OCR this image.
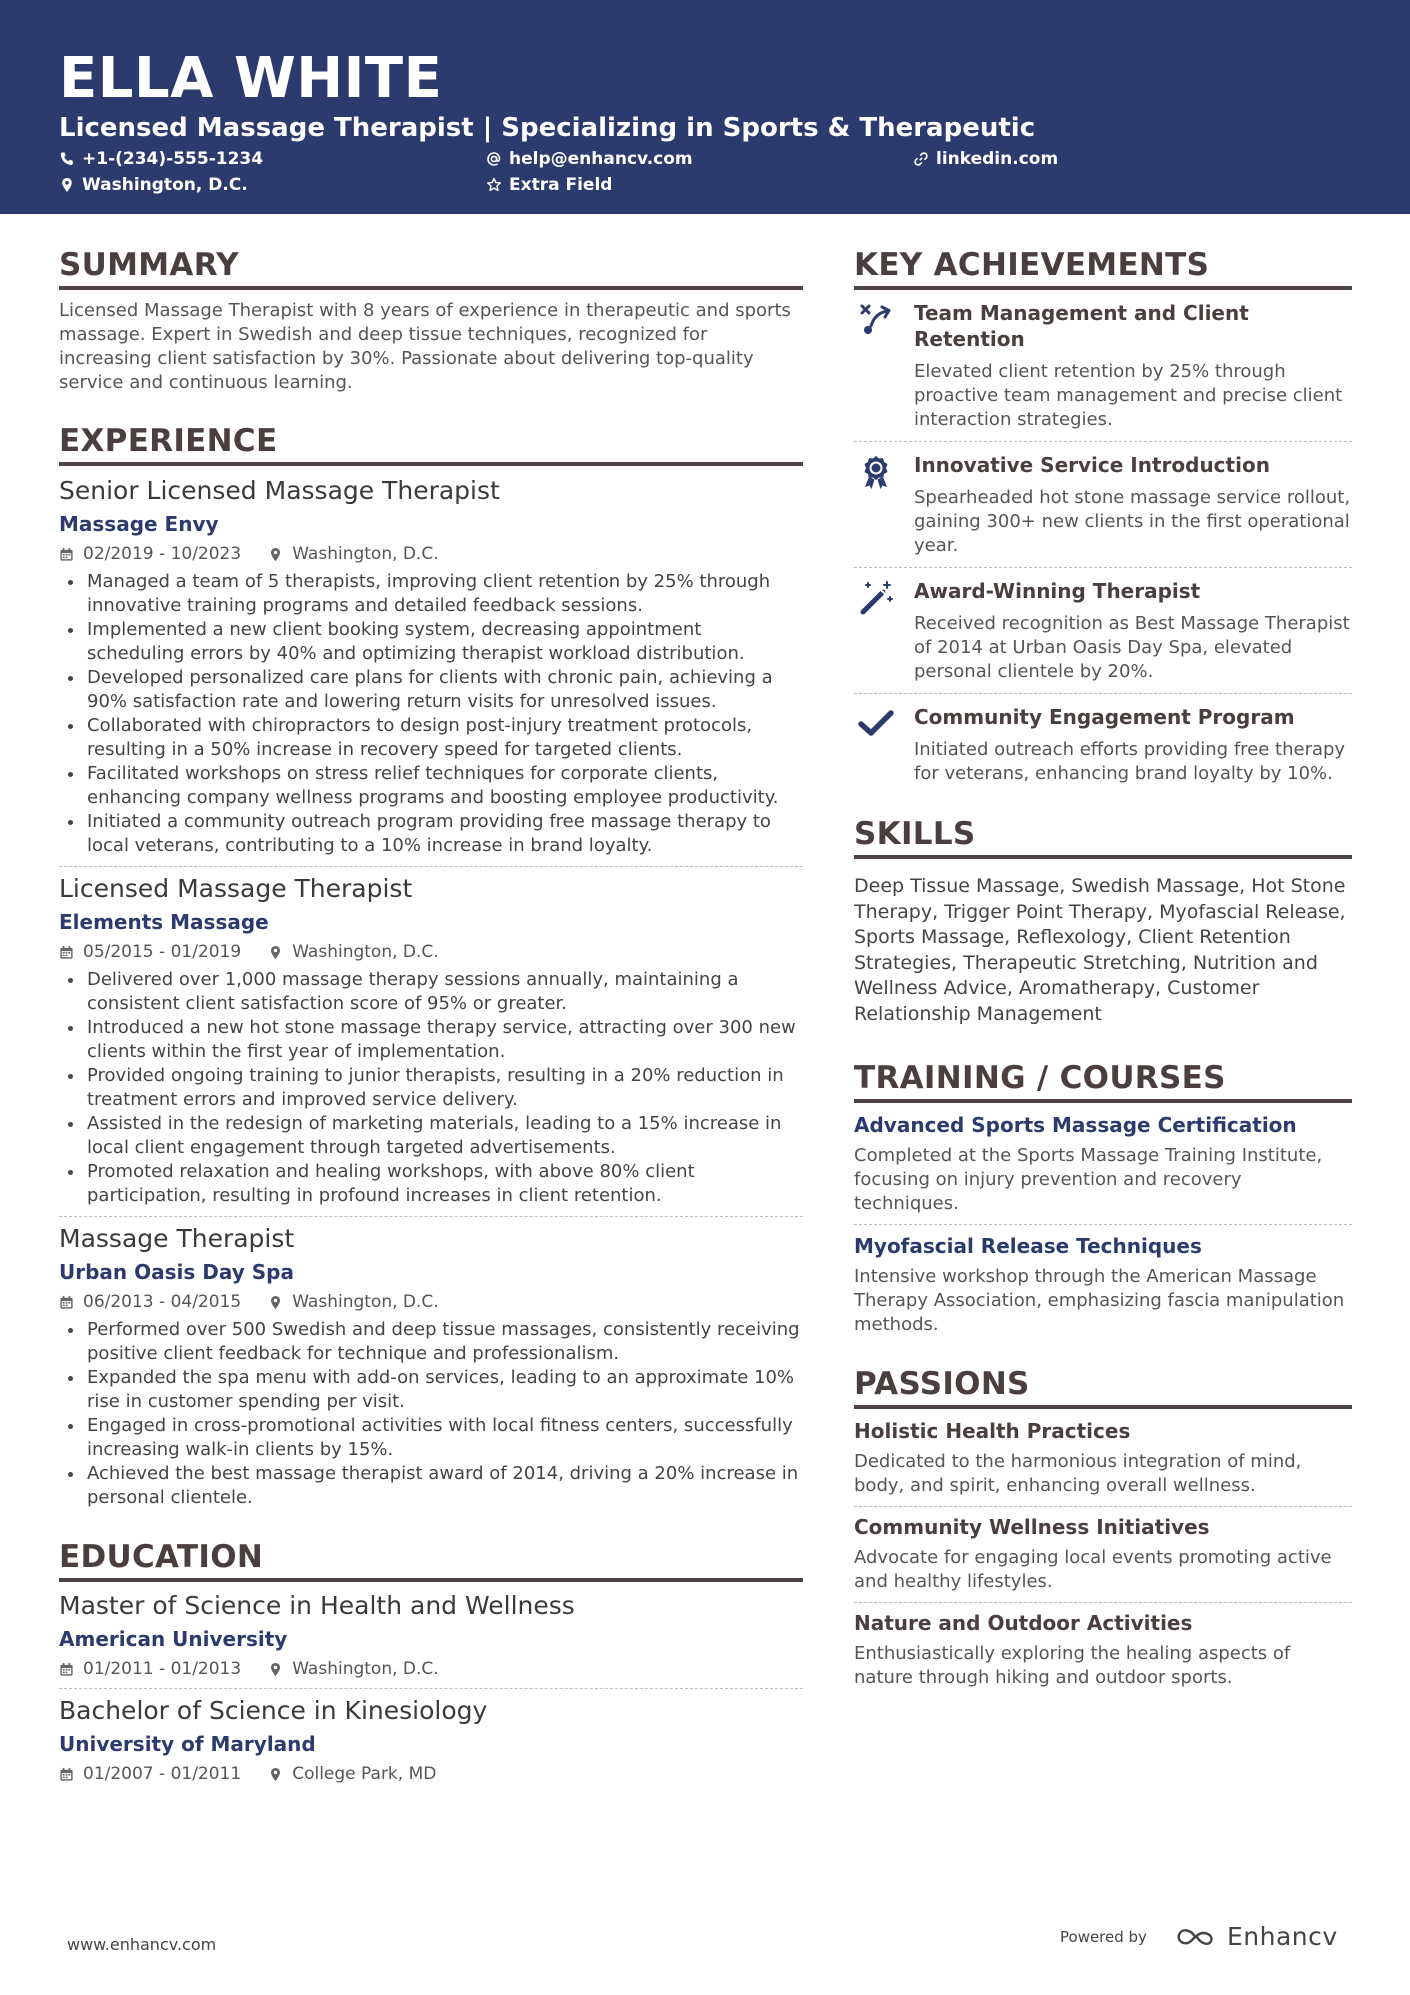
ELLA WHITE
Licensed Massage Therapist | Specializing in Sports & Therapeutic
+1-(234)-555-1234	help@enhancv.com	linkedin.com
Washington, D.C.	Extra Field
SUMMARY
Licensed Massage Therapist with 8 years of experience in therapeutic and sports massage. Expert in Swedish and deep tissue techniques, recognized for increasing client satisfaction by 30%. Passionate about delivering top-quality service and continuous learning.
EXPERIENCE
Senior Licensed Massage Therapist
Massage Envy
02/2019 - 10/2023	Washington, D.C.
Managed a team of 5 therapists, improving client retention by 25% through innovative training programs and detailed feedback sessions.
Implemented a new client booking system, decreasing appointment scheduling errors by 40% and optimizing therapist workload distribution.
Developed personalized care plans for clients with chronic pain, achieving a 90% satisfaction rate and lowering return visits for unresolved issues.
Collaborated with chiropractors to design post-injury treatment protocols, resulting in a 50% increase in recovery speed for targeted clients.
Facilitated workshops on stress relief techniques for corporate clients, enhancing company wellness programs and boosting employee productivity.
Initiated a community outreach program providing free massage therapy to local veterans, contributing to a 10% increase in brand loyalty.
Licensed Massage Therapist
Elements Massage
05/2015 - 01/2019	Washington, D.C.
Delivered over 1,000 massage therapy sessions annually, maintaining a consistent client satisfaction score of 95% or greater.
Introduced a new hot stone massage therapy service, attracting over 300 new clients within the first year of implementation.
Provided ongoing training to junior therapists, resulting in a 20% reduction in treatment errors and improved service delivery.
Assisted in the redesign of marketing materials, leading to a 15% increase in local client engagement through targeted advertisements.
Promoted relaxation and healing workshops, with above 80% client participation, resulting in profound increases in client retention.
Massage Therapist
Urban Oasis Day Spa
06/2013 - 04/2015	Washington, D.C.
Performed over 500 Swedish and deep tissue massages, consistently receiving positive client feedback for technique and professionalism.
Expanded the spa menu with add-on services, leading to an approximate 10% rise in customer spending per visit.
Engaged in cross-promotional activities with local fitness centers, successfully increasing walk-in clients by 15%.
Achieved the best massage therapist award of 2014, driving a 20% increase in personal clientele.
EDUCATION
Master of Science in Health and Wellness
American University
01/2011 - 01/2013	Washington, D.C.
Bachelor of Science in Kinesiology
University of Maryland
01/2007 - 01/2011	College Park, MD
KEY ACHIEVEMENTS
Team Management and Client Retention
Elevated client retention by 25% through proactive team management and precise client interaction strategies.
Innovative Service Introduction
Spearheaded hot stone massage service rollout, gaining 300+ new clients in the first operational year.
Award-Winning Therapist
Received recognition as Best Massage Therapist of 2014 at Urban Oasis Day Spa, elevated personal clientele by 20%.
Community Engagement Program
Initiated outreach efforts providing free therapy for veterans, enhancing brand loyalty by 10%.
SKILLS
Deep Tissue Massage, Swedish Massage, Hot Stone Therapy, Trigger Point Therapy, Myofascial Release, Sports Massage, Reflexology, Client Retention Strategies, Therapeutic Stretching, Nutrition and Wellness Advice, Aromatherapy, Customer Relationship Management
TRAINING / COURSES
Advanced Sports Massage Certification
Completed at the Sports Massage Training Institute, focusing on injury prevention and recovery techniques.
Myofascial Release Techniques
Intensive workshop through the American Massage Therapy Association, emphasizing fascia manipulation methods.
PASSIONS
Holistic Health Practices
Dedicated to the harmonious integration of mind, body, and spirit, enhancing overall wellness.
Community Wellness Initiatives
Advocate for engaging local events promoting active and healthy lifestyles.
Nature and Outdoor Activities
Enthusiastically exploring the healing aspects of nature through hiking and outdoor sports.
www.enhancv.com	Powered by	Enhancv
